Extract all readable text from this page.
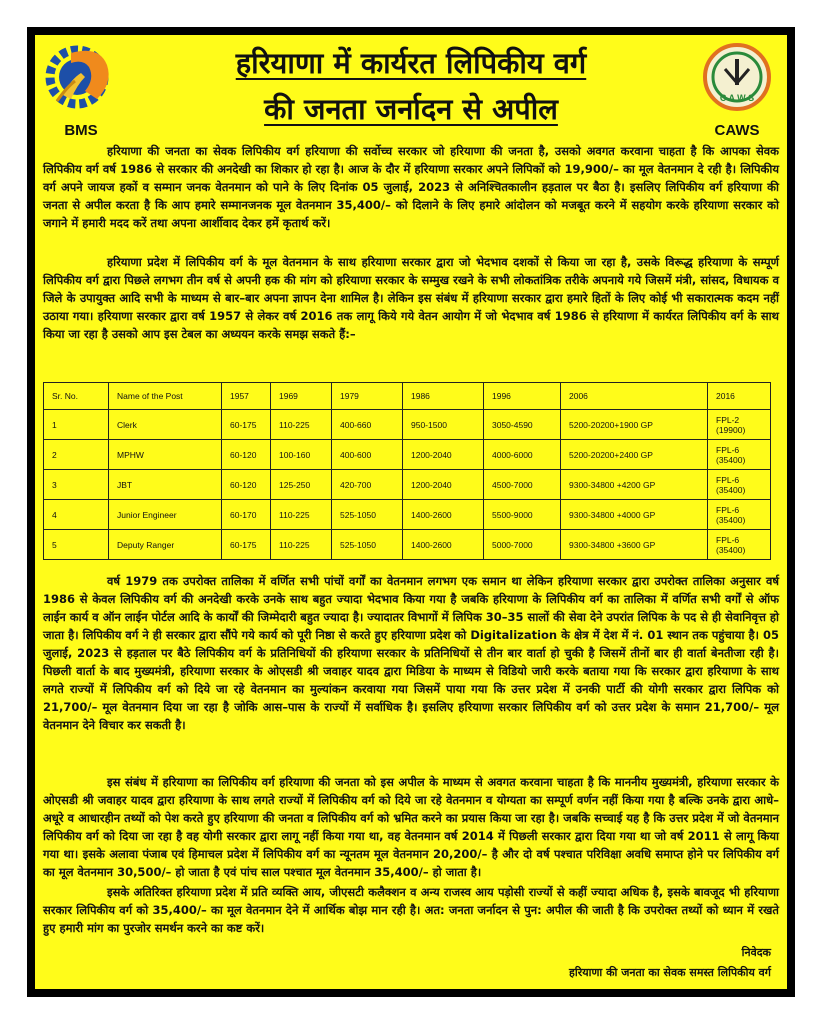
BMS
C A W S
CAWS
हरियाणा में कार्यरत लिपिकीय वर्ग
की जनता जर्नादन से अपील

हरियाणा की जनता का सेवक लिपिकीय वर्ग हरियाणा की सर्वोच्च सरकार जो हरियाणा की जनता है, उसको अवगत करवाना चाहता है कि आपका सेवक लिपिकीय वर्ग वर्ष 1986 से सरकार की अनदेखी का शिकार हो रहा है। आज के दौर में हरियाणा सरकार अपने लिपिकों को 19,900/– का मूल वेतनमान दे रही है। लिपिकीय वर्ग अपने जायज हकों व सम्मान जनक वेतनमान को पाने के लिए दिनांक 05 जुलाई, 2023 से अनिश्चितकालीन हड़ताल पर बैठा है। इसलिए लिपिकीय वर्ग हरियाणा की जनता से अपील करता है कि आप हमारे सम्मानजनक मूल वेतनमान 35,400/– को दिलाने के लिए हमारे आंदोलन को मजबूत करने में सहयोग करके हरियाणा सरकार को जगाने में हमारी मदद करें तथा अपना आर्शीवाद देकर हमें कृतार्थ करें।

हरियाणा प्रदेश में लिपिकीय वर्ग के मूल वेतनमान के साथ हरियाणा सरकार द्वारा जो भेदभाव दशकों से किया जा रहा है, उसके विरूद्ध हरियाणा के सम्पूर्ण लिपिकीय वर्ग द्वारा पिछले लगभग तीन वर्ष से अपनी हक की मांग को हरियाणा सरकार के सम्मुख रखने के सभी लोकतांत्रिक तरीके अपनाये गये जिसमें मंत्री, सांसद, विधायक व जिले के उपायुक्त आदि सभी के माध्यम से बार–बार अपना ज्ञापन देना शामिल है। लेकिन इस संबंध में हरियाणा सरकार द्वारा हमारे हितों के लिए कोई भी सकारात्मक कदम नहीं उठाया गया। हरियाणा सरकार द्वारा वर्ष 1957 से लेकर वर्ष 2016 तक लागू किये गये वेतन आयोग में जो भेदभाव वर्ष 1986 से हरियाणा में कार्यरत लिपिकीय वर्ग के साथ किया जा रहा है उसको आप इस टेबल का अध्ययन करके समझ सकते हैं:–

Sr. No.	Name of the Post	1957	1969	1979	1986	1996	2006	2016
1	Clerk	60-175	110-225	400-660	950-1500	3050-4590	5200-20200+1900 GP	FPL-2 (19900)
2	MPHW	60-120	100-160	400-600	1200-2040	4000-6000	5200-20200+2400 GP	FPL-6 (35400)
3	JBT	60-120	125-250	420-700	1200-2040	4500-7000	9300-34800 +4200 GP	FPL-6 (35400)
4	Junior Engineer	60-170	110-225	525-1050	1400-2600	5500-9000	9300-34800 +4000 GP	FPL-6 (35400)
5	Deputy Ranger	60-175	110-225	525-1050	1400-2600	5000-7000	9300-34800 +3600 GP	FPL-6 (35400)

वर्ष 1979 तक उपरोक्त तालिका में वर्णित सभी पांचों वर्गों का वेतनमान लगभग एक समान था लेकिन हरियाणा सरकार द्वारा उपरोक्त तालिका अनुसार वर्ष 1986 से केवल लिपिकीय वर्ग की अनदेखी करके उनके साथ बहुत ज्यादा भेदभाव किया गया है जबकि हरियाणा के लिपिकीय वर्ग का तालिका में वर्णित सभी वर्गों से ऑफ लाईन कार्य व ऑन लाईन पोर्टल आदि के कार्यों की जिम्मेदारी बहुत ज्यादा है। ज्यादातर विभागों में लिपिक 30–35 सालों की सेवा देने उपरांत लिपिक के पद से ही सेवानिवृत्त हो जाता है। लिपिकीय वर्ग ने ही सरकार द्वारा सौंपे गये कार्य को पूरी निष्ठा से करते हुए हरियाणा प्रदेश को Digitalization के क्षेत्र में देश में नं. 01 स्थान तक पहुंचाया है। 05 जुलाई, 2023 से हड़ताल पर बैठे लिपिकीय वर्ग के प्रतिनिधियों की हरियाणा सरकार के प्रतिनिधियों से तीन बार वार्ता हो चुकी है जिसमें तीनों बार ही वार्ता बेनतीजा रही है। पिछली वार्ता के बाद मुख्यमंत्री, हरियाणा सरकार के ओएसडी श्री जवाहर यादव द्वारा मिडिया के माध्यम से विडियो जारी करके बताया गया कि सरकार द्वारा हरियाणा के साथ लगते राज्यों में लिपिकीय वर्ग को दिये जा रहे वेतनमान का मुल्यांकन करवाया गया जिसमें पाया गया कि उत्तर प्रदेश में उनकी पार्टी की योगी सरकार द्वारा लिपिक को 21,700/– मूल वेतनमान दिया जा रहा है जोकि आस–पास के राज्यों में सर्वाधिक है। इसलिए हरियाणा सरकार लिपिकीय वर्ग को उत्तर प्रदेश के समान 21,700/– मूल वेतनमान देने विचार कर सकती है।

इस संबंध में हरियाणा का लिपिकीय वर्ग हरियाणा की जनता को इस अपील के माध्यम से अवगत करवाना चाहता है कि माननीय मुख्यमंत्री, हरियाणा सरकार के ओएसडी श्री जवाहर यादव द्वारा हरियाणा के साथ लगते राज्यों में लिपिकीय वर्ग को दिये जा रहे वेतनमान व योग्यता का सम्पूर्ण वर्णन नहीं किया गया है बल्कि उनके द्वारा आधे–अधूरे व आधारहीन तथ्यों को पेश करते हुए हरियाणा की जनता व लिपिकीय वर्ग को भ्रमित करने का प्रयास किया जा रहा है। जबकि सच्चाई यह है कि उत्तर प्रदेश में जो वेतनमान लिपिकीय वर्ग को दिया जा रहा है वह योगी सरकार द्वारा लागू नहीं किया गया था, वह वेतनमान वर्ष 2014 में पिछली सरकार द्वारा दिया गया था जो वर्ष 2011 से लागू किया गया था। इसके अलावा पंजाब एवं हिमाचल प्रदेश में लिपिकीय वर्ग का न्यूनतम मूल वेतनमान 20,200/– है और दो वर्ष पश्चात परिविक्षा अवधि समाप्त होने पर लिपिकीय वर्ग का मूल वेतनमान 30,500/– हो जाता है एवं पांच साल पश्चात मूल वेतनमान 35,400/– हो जाता है।

इसके अतिरिक्त हरियाणा प्रदेश में प्रति व्यक्ति आय, जीएसटी कलैक्शन व अन्य राजस्व आय पड़ोसी राज्यों से कहीं ज्यादा अधिक है, इसके बावजूद भी हरियाणा सरकार लिपिकीय वर्ग को 35,400/– का मूल वेतनमान देने में आर्थिक बोझ मान रही है। अत: जनता जर्नादन से पुन: अपील की जाती है कि उपरोक्त तथ्यों को ध्यान में रखते हुए हमारी मांग का पुरजोर समर्थन करने का कष्ट करें।

निवेदक
हरियाणा की जनता का सेवक समस्त लिपिकीय वर्ग
